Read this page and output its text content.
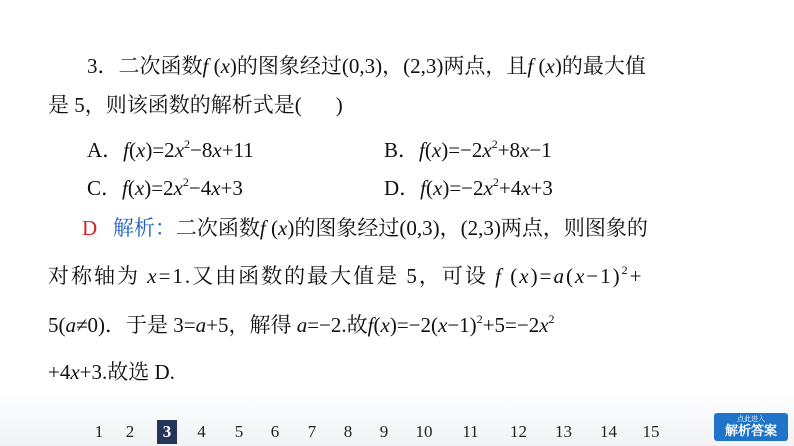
3．二次函数f (x)的图象经过(0,3)，(2,3)两点，且f (x)的最大值
是 5，则该函数的解析式是( )
A．$f(x)=2x^2-8x+11$	B．$f(x)=-2x^2+8x-1$
C．$f(x)=2x^2-4x+3$	D．$f(x)=-2x^2+4x+3$
D 解析：二次函数f (x)的图象经过(0,3)，(2,3)两点，则图象的
对称轴为 x=1.又由函数的最大值是 5，可设 f $(x)=a(x-1)^2+$
5(a≠0)．于是 3=a+5，解得 a=−2.故$f(x)=-2(x-1)^2+5=-2x^2$
+4x+3.故选 D.
1 2	3	4	5	6	7	8	9	10	11	12	13	14	15
点此进入
解析答案
